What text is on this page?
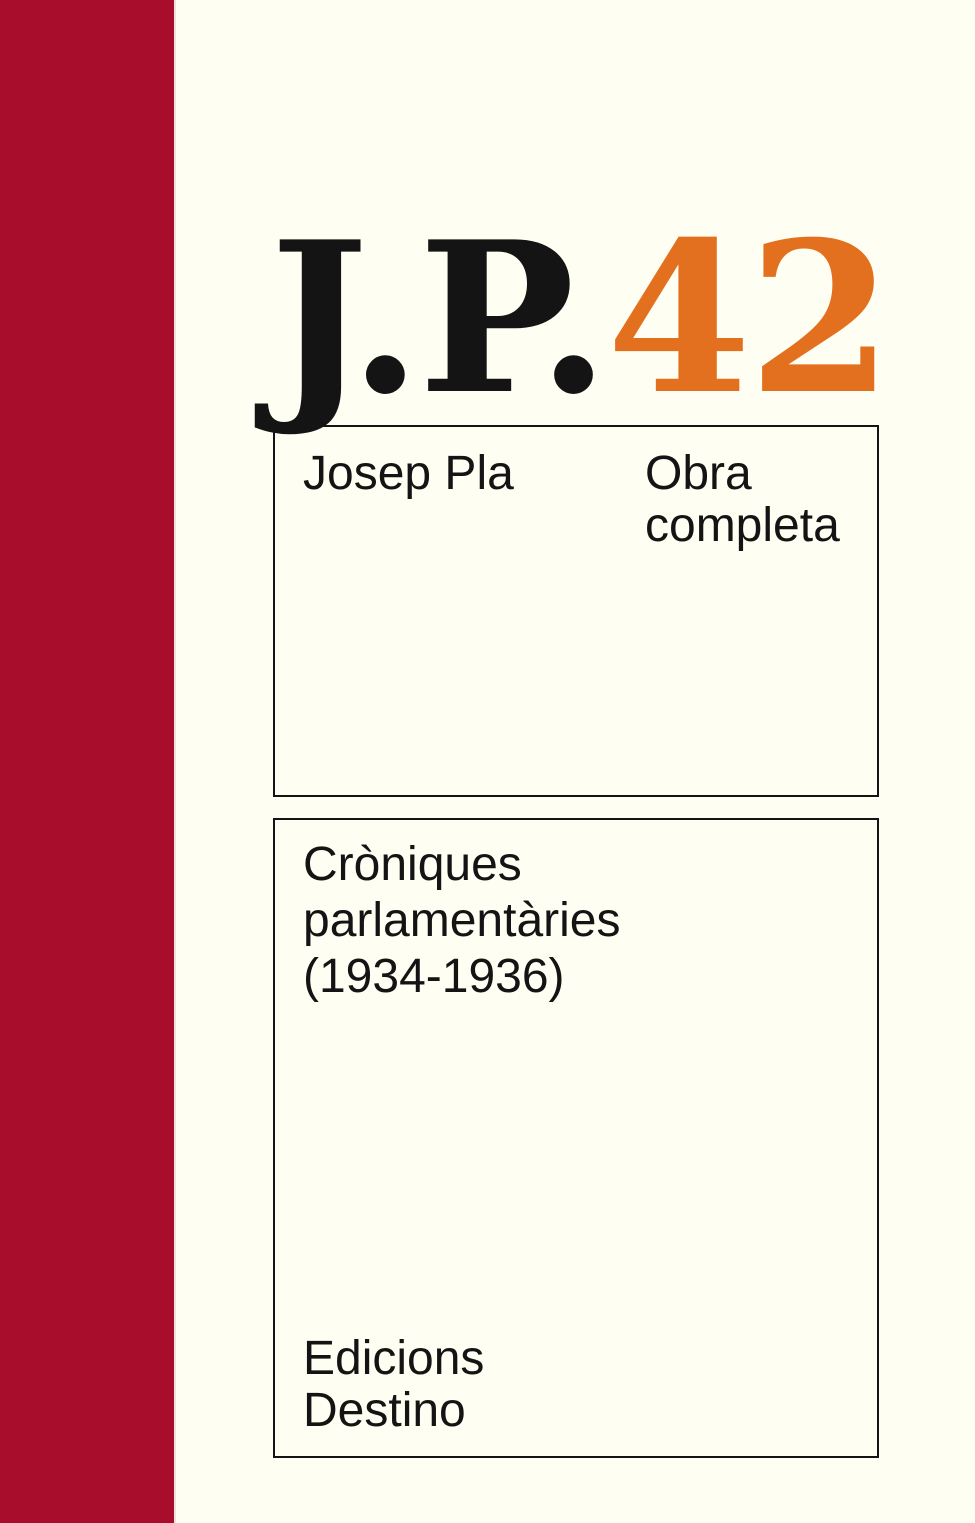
J.P.42
Josep Pla	Obra
completa
Cròniques
parlamentàries
(1934-1936)
Edicions
Destino
